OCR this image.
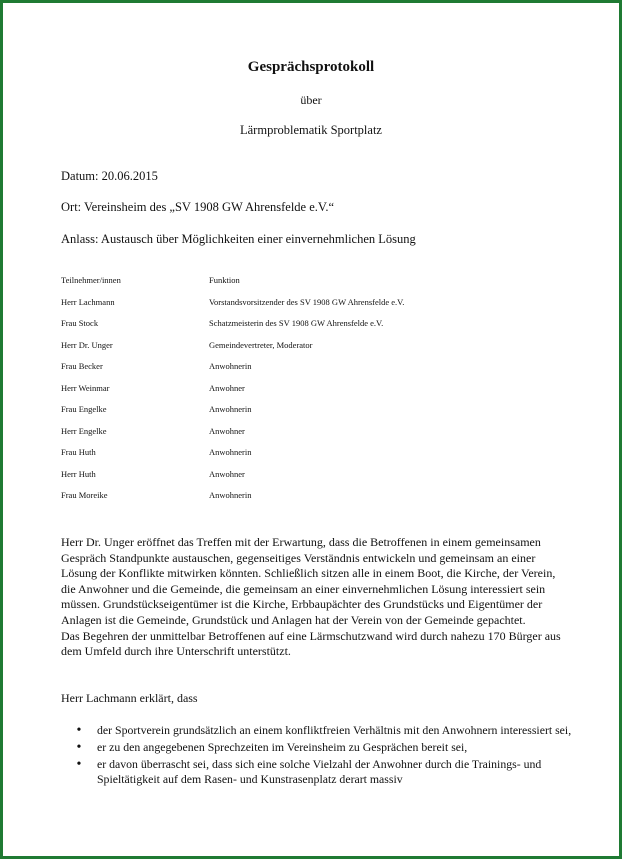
Gesprächsprotokoll
über
Lärmproblematik Sportplatz
Datum: 20.06.2015
Ort: Vereinsheim des „SV 1908 GW Ahrensfelde e.V.“
Anlass: Austausch über Möglichkeiten einer einvernehmlichen Lösung
Teilnehmer/innen	Funktion
Herr Lachmann	Vorstandsvorsitzender des SV 1908 GW Ahrensfelde e.V.
Frau Stock	Schatzmeisterin des SV 1908 GW Ahrensfelde e.V.
Herr Dr. Unger	Gemeindevertreter, Moderator
Frau Becker	Anwohnerin
Herr Weinmar	Anwohner
Frau Engelke	Anwohnerin
Herr Engelke	Anwohner
Frau Huth	Anwohnerin
Herr Huth	Anwohner
Frau Moreike	Anwohnerin
Herr Dr. Unger eröffnet das Treffen mit der Erwartung, dass die Betroffenen in einem gemeinsamen Gespräch Standpunkte austauschen, gegenseitiges Verständnis entwickeln und gemeinsam an einer Lösung der Konflikte mitwirken könnten. Schließlich sitzen alle in einem Boot, die Kirche, der Verein, die Anwohner und die Gemeinde, die gemeinsam an einer einvernehmlichen Lösung interessiert sein müssen. Grundstückseigentümer ist die Kirche, Erbbaupächter des Grundstücks und Eigentümer der Anlagen ist die Gemeinde, Grundstück und Anlagen hat der Verein von der Gemeinde gepachtet.
Das Begehren der unmittelbar Betroffenen auf eine Lärmschutzwand wird durch nahezu 170 Bürger aus dem Umfeld durch ihre Unterschrift unterstützt.
Herr Lachmann erklärt, dass
•	der Sportverein grundsätzlich an einem konfliktfreien Verhältnis mit den Anwohnern interessiert sei,
•	er zu den angegebenen Sprechzeiten im Vereinsheim zu Gesprächen bereit sei,
•	er davon überrascht sei, dass sich eine solche Vielzahl der Anwohner durch die Trainings- und Spieltätigkeit auf dem Rasen- und Kunstrasenplatz derart massiv
